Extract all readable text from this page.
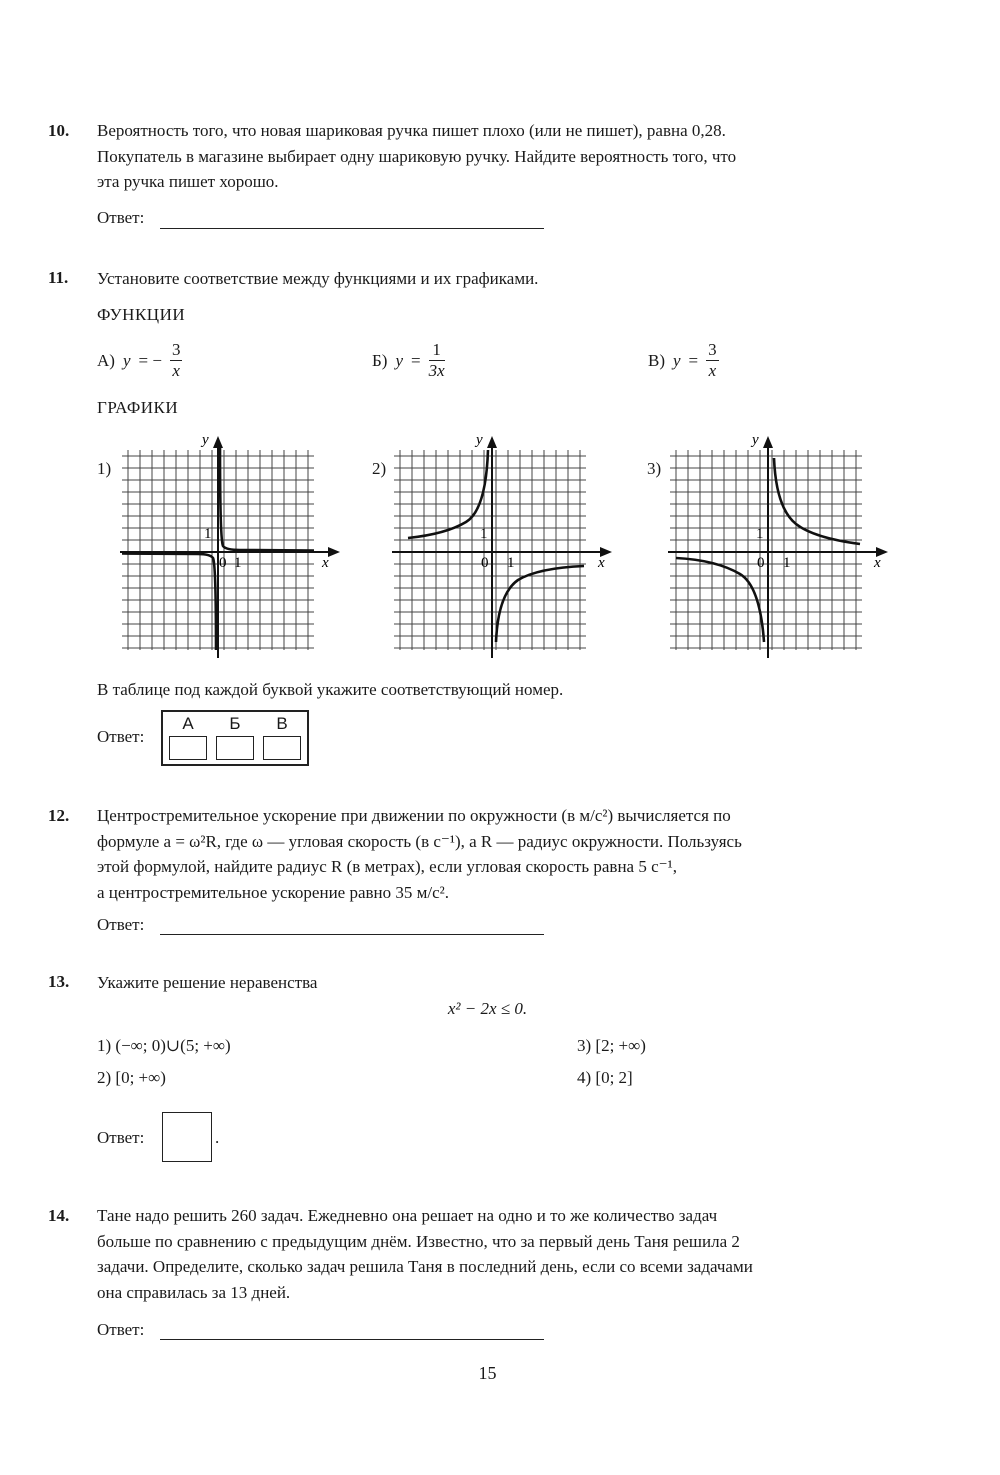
10. Вероятность того, что новая шариковая ручка пишет плохо (или не пишет), равна 0,28.
Покупатель в магазине выбирает одну шариковую ручку. Найдите вероятность того, что
эта ручка пишет хорошо.
Ответ:
11. Установите соответствие между функциями и их графиками.
ФУНКЦИИ
А) y = − $\frac{3}{x}$	Б) $y = \frac{1}{3x}$	В) $y = \frac{3}{x}$
ГРАФИКИ
1)
y
x
0 1
1
2)
y
x
0 1
1
3)
y
x
0 1
1
В таблице под каждой буквой укажите соответствующий номер.
Ответ:
А	Б	В
12. Центростремительное ускорение при движении по окружности (в м/с²) вычисляется по
формуле a = ω²R, где ω — угловая скорость (в с⁻¹), а R — радиус окружности. Пользуясь
этой формулой, найдите радиус R (в метрах), если угловая скорость равна 5 с⁻¹,
а центростремительное ускорение равно 35 м/с².
Ответ:
13. Укажите решение неравенства
x² − 2x ≤ 0.
1) (−∞; 0)∪(5; +∞)
2) [0; +∞)
3) [2; +∞)
4) [0; 2]
Ответ:	.
14. Тане надо решить 260 задач. Ежедневно она решает на одно и то же количество задач
больше по сравнению с предыдущим днём. Известно, что за первый день Таня решила 2
задачи. Определите, сколько задач решила Таня в последний день, если со всеми задачами
она справилась за 13 дней.
Ответ:
15
